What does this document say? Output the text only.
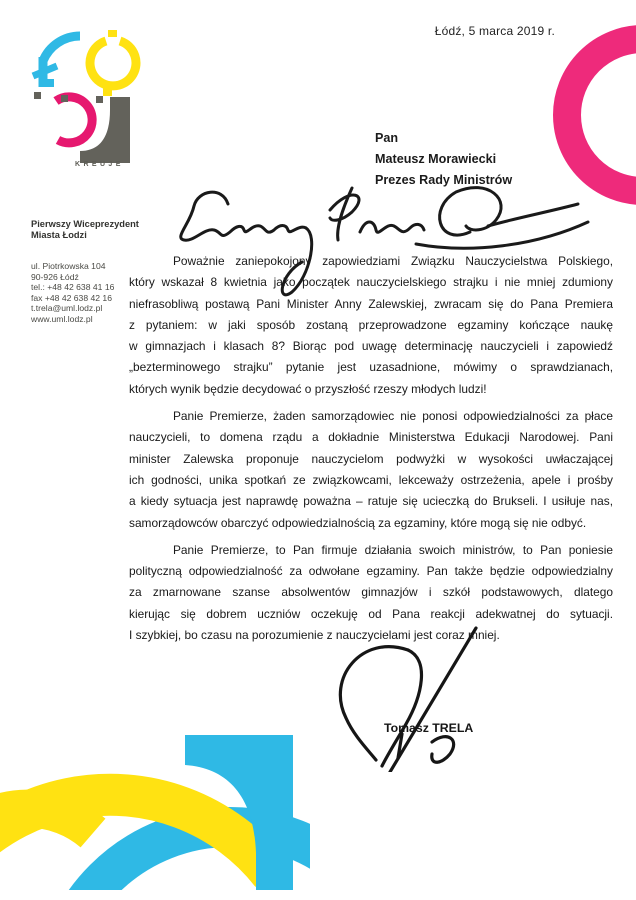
Łódź, 5 marca 2019 r.
KREUJE
Pierwszy Wiceprezydent Miasta Łodzi
ul. Piotrkowska 104
90-926 Łódź
tel.: +48 42 638 41 16
fax +48 42 638 42 16
t.trela@uml.lodz.pl
www.uml.lodz.pl
Pan
Mateusz Morawiecki
Prezes Rady Ministrów
Poważnie zaniepokojony zapowiedziami Związku Nauczycielstwa Polskiego,
który wskazał 8 kwietnia jako początek nauczycielskiego strajku i nie mniej zdumiony
niefrasobliwą postawą Pani Minister Anny Zalewskiej, zwracam się do Pana Premiera
z pytaniem: w jaki sposób zostaną przeprowadzone egzaminy kończące naukę
w gimnazjach i klasach 8? Biorąc pod uwagę determinację nauczycieli i zapowiedź
„bezterminowego strajku” pytanie jest uzasadnione, mówimy o sprawdzianach,
których wynik będzie decydować o przyszłość rzeszy młodych ludzi!
Panie Premierze, żaden samorządowiec nie ponosi odpowiedzialności za płace
nauczycieli, to domena rządu a dokładnie Ministerstwa Edukacji Narodowej. Pani
minister Zalewska proponuje nauczycielom podwyżki w wysokości uwłaczającej
ich godności, unika spotkań ze związkowcami, lekceważy ostrzeżenia, apele i prośby
a kiedy sytuacja jest naprawdę poważna – ratuje się ucieczką do Brukseli. I usiłuje nas,
samorządowców obarczyć odpowiedzialnością za egzaminy, które mogą się nie odbyć.
Panie Premierze, to Pan firmuje działania swoich ministrów, to Pan poniesie
polityczną odpowiedzialność za odwołane egzaminy. Pan także będzie odpowiedzialny
za zmarnowane szanse absolwentów gimnazjów i szkół podstawowych, dlatego
kierując się dobrem uczniów oczekuję od Pana reakcji adekwatnej do sytuacji.
I szybkiej, bo czasu na porozumienie z nauczycielami jest coraz mniej.
Tomasz TRELA
